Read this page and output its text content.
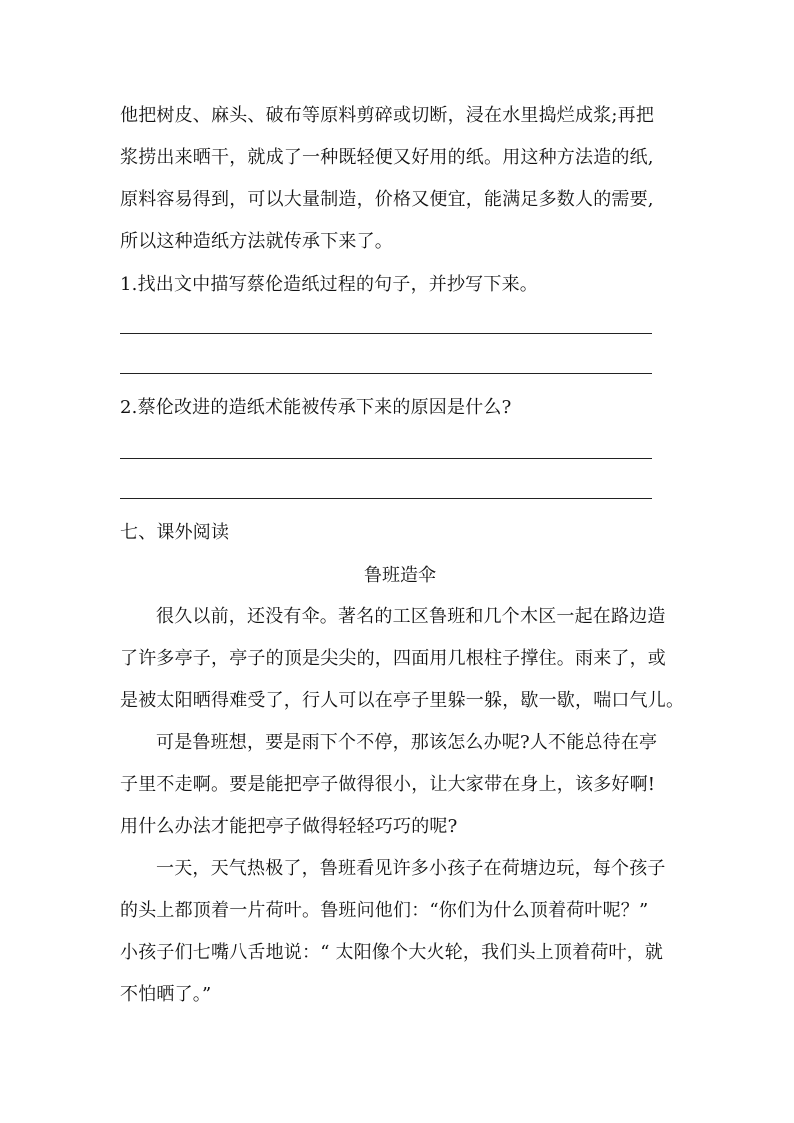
他把树皮、麻头、破布等原料剪碎或切断，浸在水里捣烂成浆;再把
浆捞出来晒干，就成了一种既轻便又好用的纸。用这种方法造的纸,
原料容易得到，可以大量制造，价格又便宜，能满足多数人的需要,
所以这种造纸方法就传承下来了。
1.找出文中描写蔡伦造纸过程的句子，并抄写下来。
2.蔡伦改进的造纸术能被传承下来的原因是什么?
七、课外阅读
鲁班造伞
很久以前，还没有伞。著名的工区鲁班和几个木区一起在路边造
了许多亭子，亭子的顶是尖尖的，四面用几根柱子撑住。雨来了，或
是被太阳晒得难受了，行人可以在亭子里躲一躲，歇一歇，喘口气儿。
可是鲁班想，要是雨下个不停，那该怎么办呢?人不能总待在亭
子里不走啊。要是能把亭子做得很小，让大家带在身上，该多好啊!
用什么办法才能把亭子做得轻轻巧巧的呢?
一天，天气热极了，鲁班看见许多小孩子在荷塘边玩，每个孩子
的头上都顶着一片荷叶。鲁班问他们：“你们为什么顶着荷叶呢？”
小孩子们七嘴八舌地说：“ 太阳像个大火轮，我们头上顶着荷叶，就
不怕晒了。”
